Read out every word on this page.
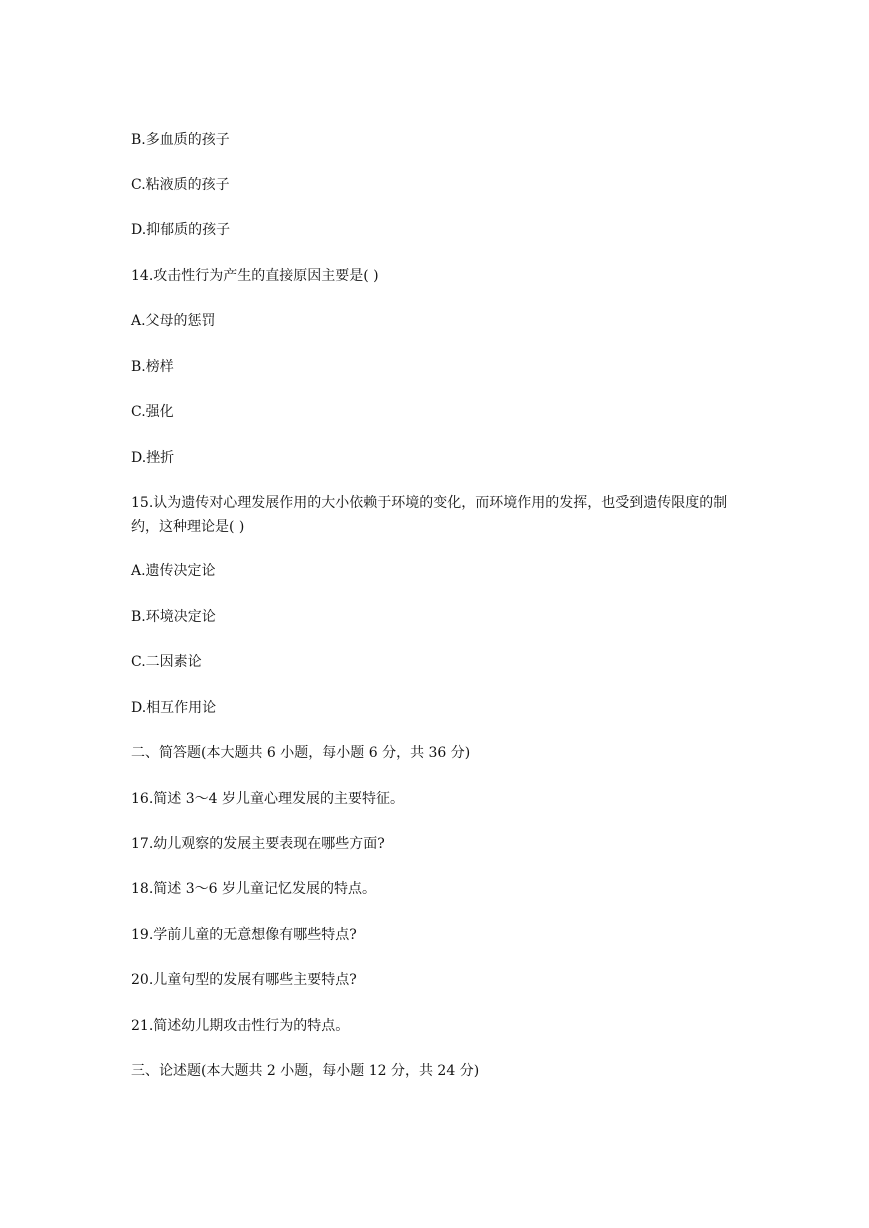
B.多血质的孩子
C.粘液质的孩子
D.抑郁质的孩子
14.攻击性行为产生的直接原因主要是( )
A.父母的惩罚
B.榜样
C.强化
D.挫折
15.认为遗传对心理发展作用的大小依赖于环境的变化，而环境作用的发挥，也受到遗传限度的制约，这种理论是( )
A.遗传决定论
B.环境决定论
C.二因素论
D.相互作用论
二、简答题(本大题共 6 小题，每小题 6 分，共 36 分)
16.简述 3～4 岁儿童心理发展的主要特征。
17.幼儿观察的发展主要表现在哪些方面?
18.简述 3～6 岁儿童记忆发展的特点。
19.学前儿童的无意想像有哪些特点?
20.儿童句型的发展有哪些主要特点?
21.简述幼儿期攻击性行为的特点。
三、论述题(本大题共 2 小题，每小题 12 分，共 24 分)
